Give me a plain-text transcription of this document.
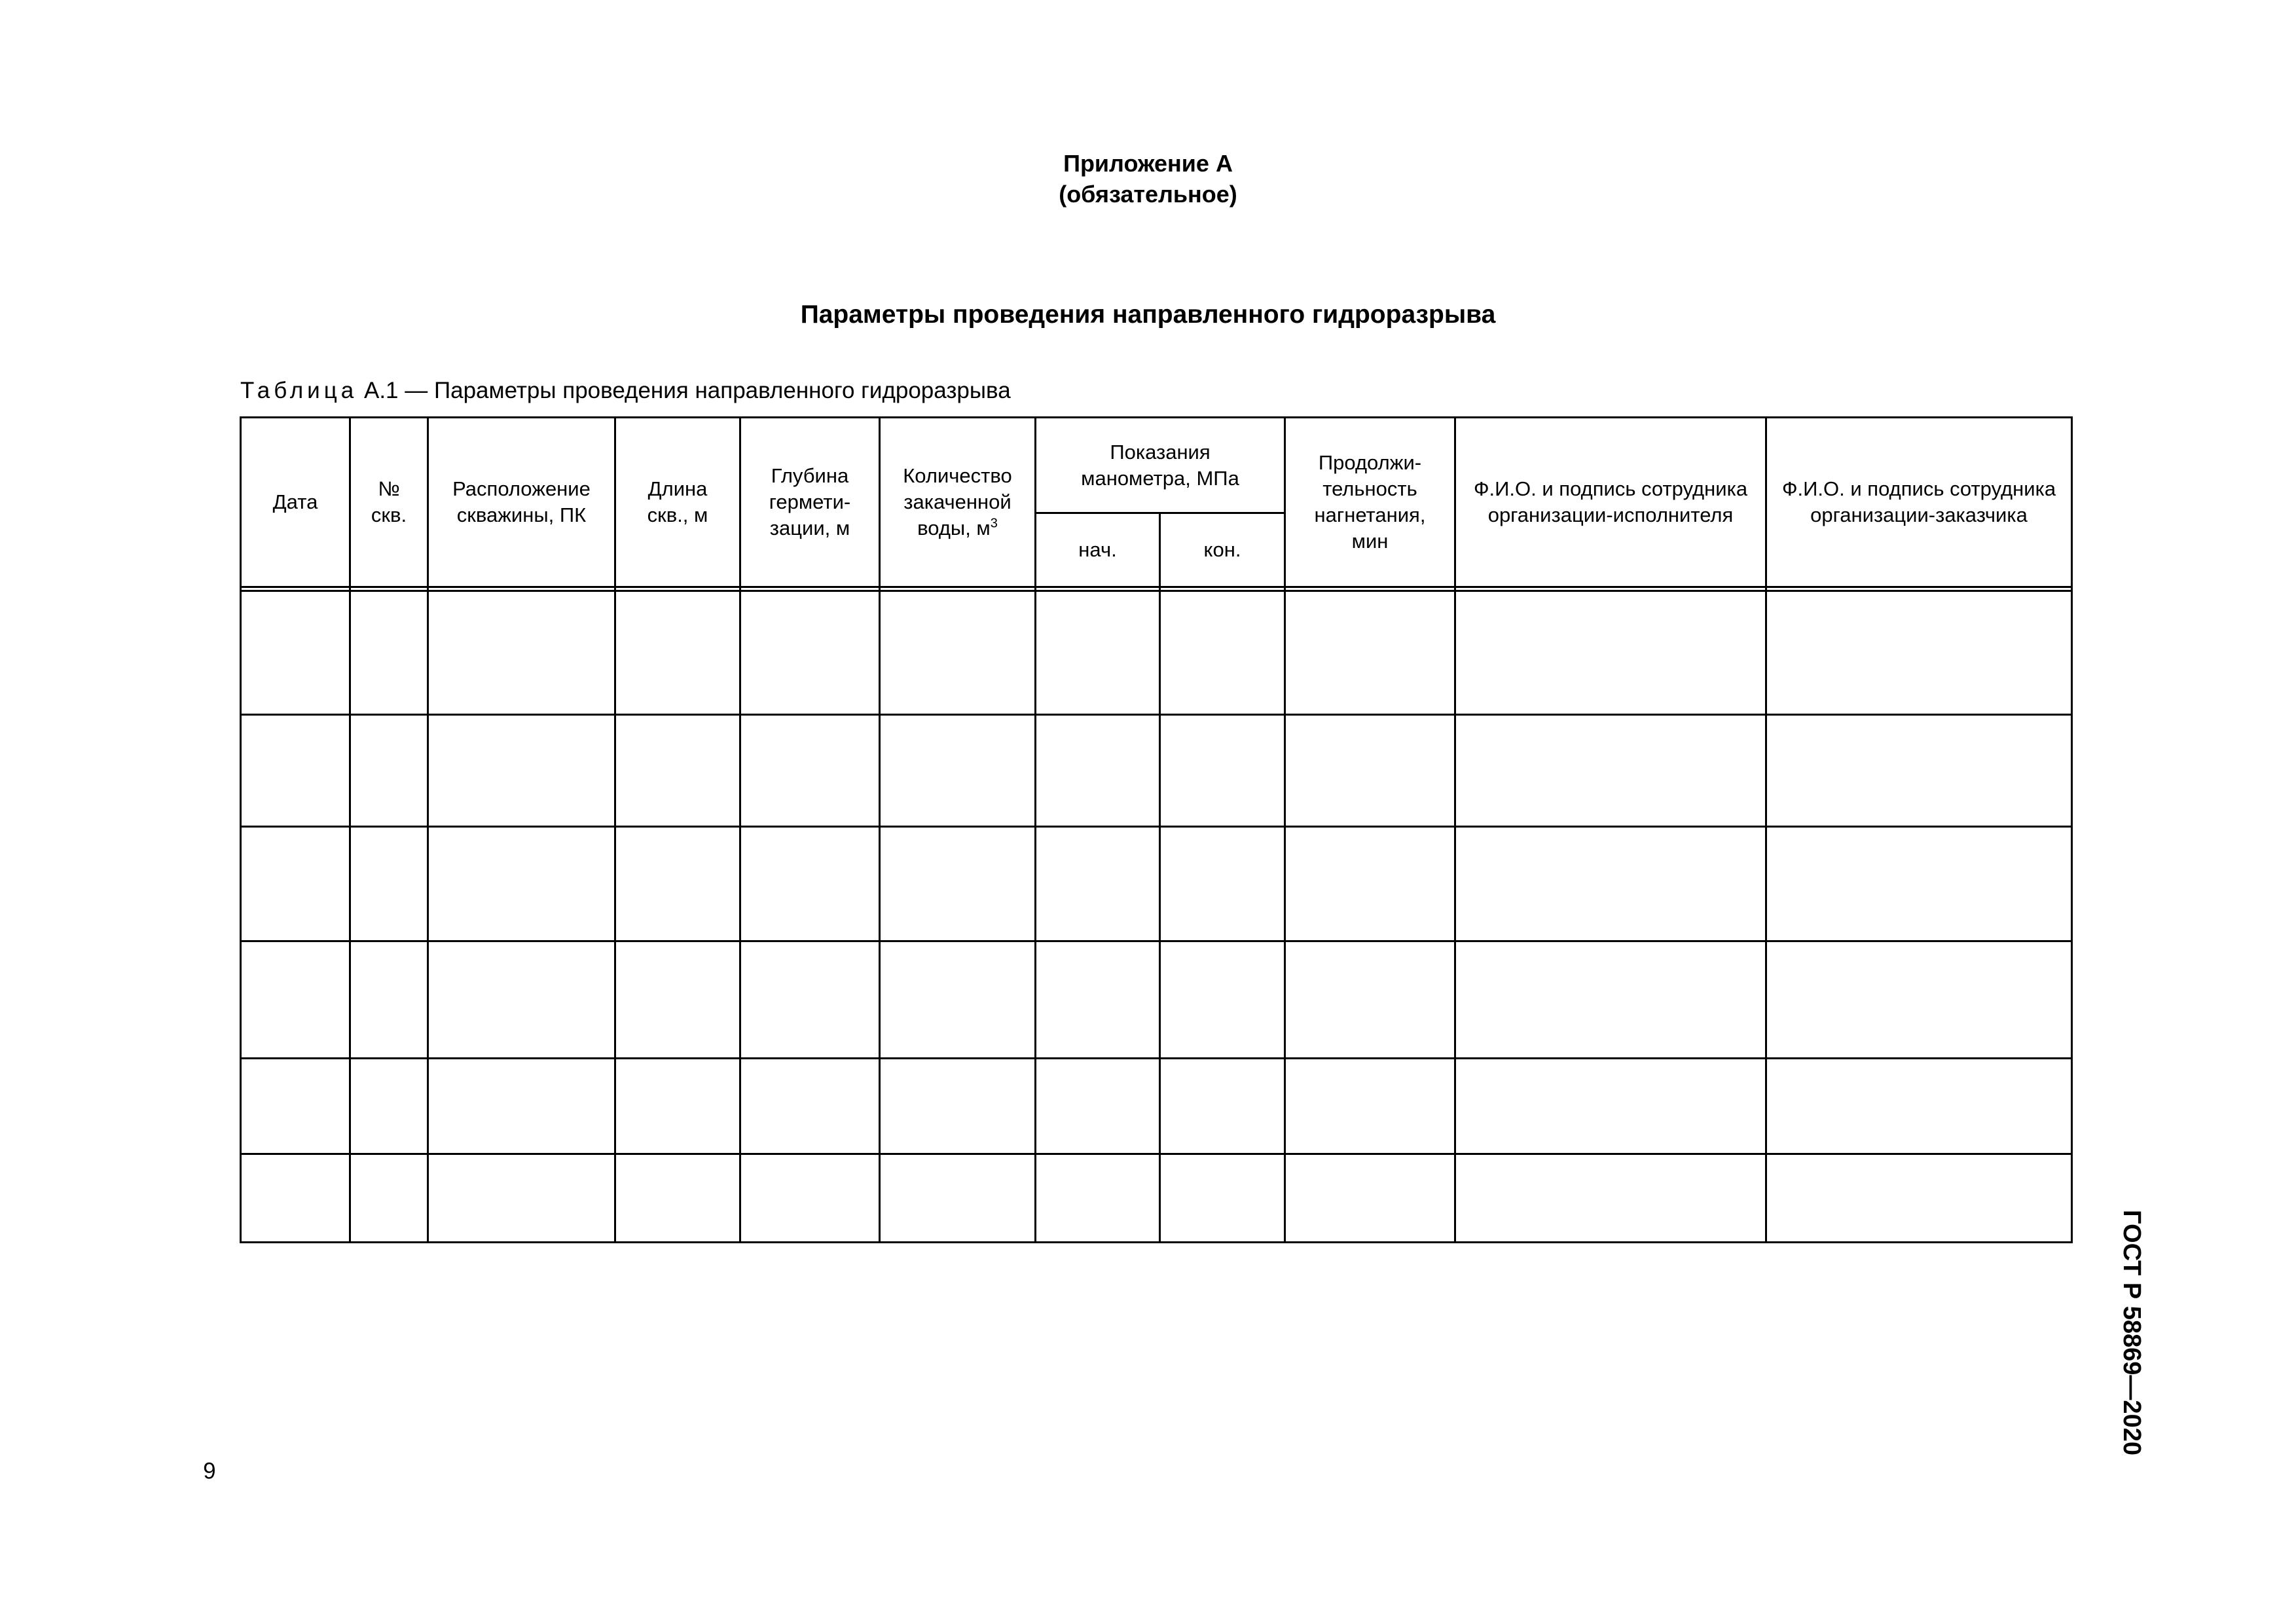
Приложение А
(обязательное)
Параметры проведения направленного гидроразрыва
Таблица А.1 — Параметры проведения направленного гидроразрыва
Дата
№ скв.
Расположение скважины, ПК
Длина скв., м
Глубина гермети-зации, м
Количество закаченной воды, $м^3$
Показания манометра, МПа
нач.	кон.
Продолжи-тельность нагнетания, мин
Ф.И.О. и подпись сотрудника организации-исполнителя
Ф.И.О. и подпись сотрудника организации-заказчика
ГОСТ Р 58869—2020
6
